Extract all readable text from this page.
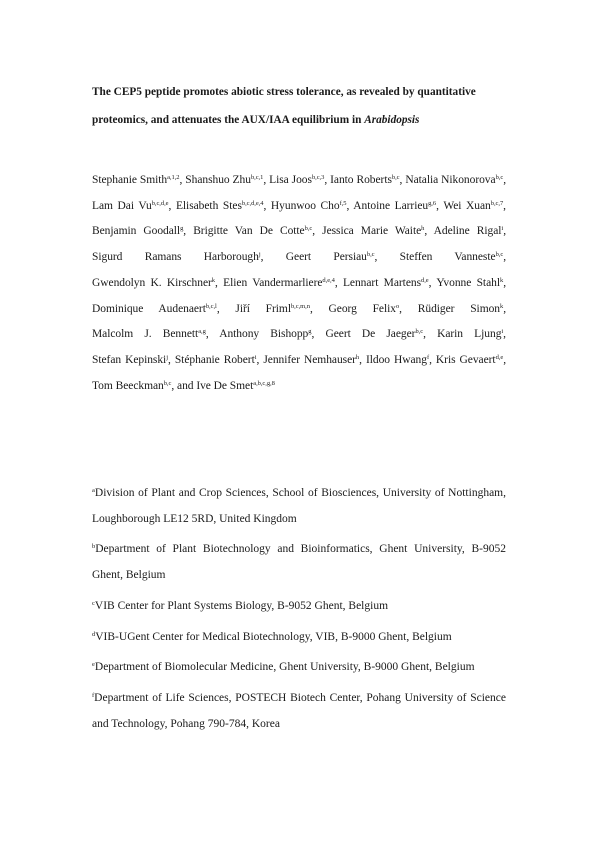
The CEP5 peptide promotes abiotic stress tolerance, as revealed by quantitative proteomics, and attenuates the AUX/IAA equilibrium in Arabidopsis

Stephanie Smith$^{a,1,2}$, Shanshuo Zhu$^{b,c,1}$, Lisa Joos$^{b,c,3}$, Ianto Roberts$^{b,c}$, Natalia Nikonorova$^{b,c}$, Lam Dai Vu$^{b,c,d,e}$, Elisabeth Stes$^{b,c,d,e,4}$, Hyunwoo Cho$^{f,5}$, Antoine Larrieu$^{g,6}$, Wei Xuan$^{b,c,7}$, Benjamin Goodall$^g$, Brigitte Van De Cotte$^{b,c}$, Jessica Marie Waite$^h$, Adeline Rigal$^i$, Sigurd Ramans Harborough$^j$, Geert Persiau$^{b,c}$, Steffen Vanneste$^{b,c}$, Gwendolyn K. Kirschner$^k$, Elien Vandermarliere$^{d,e,4}$, Lennart Martens$^{d,e}$, Yvonne Stahl$^k$, Dominique Audenaert$^{b,c,l}$, Jiří Friml$^{b,c,m,n}$, Georg Felix$^o$, Rüdiger Simon$^k$, Malcolm J. Bennett$^{a,g}$, Anthony Bishopp$^g$, Geert De Jaeger$^{b,c}$, Karin Ljung$^i$, Stefan Kepinski$^j$, Stéphanie Robert$^i$, Jennifer Nemhauser$^h$, Ildoo Hwang$^f$, Kris Gevaert$^{d,e}$, Tom Beeckman$^{b,c}$, and Ive De Smet$^{a,b,c,g,8}$

$^a$Division of Plant and Crop Sciences, School of Biosciences, University of Nottingham, Loughborough LE12 5RD, United Kingdom

$^b$Department of Plant Biotechnology and Bioinformatics, Ghent University, B-9052 Ghent, Belgium

$^c$VIB Center for Plant Systems Biology, B-9052 Ghent, Belgium

$^d$VIB-UGent Center for Medical Biotechnology, VIB, B-9000 Ghent, Belgium

$^e$Department of Biomolecular Medicine, Ghent University, B-9000 Ghent, Belgium

$^f$Department of Life Sciences, POSTECH Biotech Center, Pohang University of Science and Technology, Pohang 790-784, Korea
